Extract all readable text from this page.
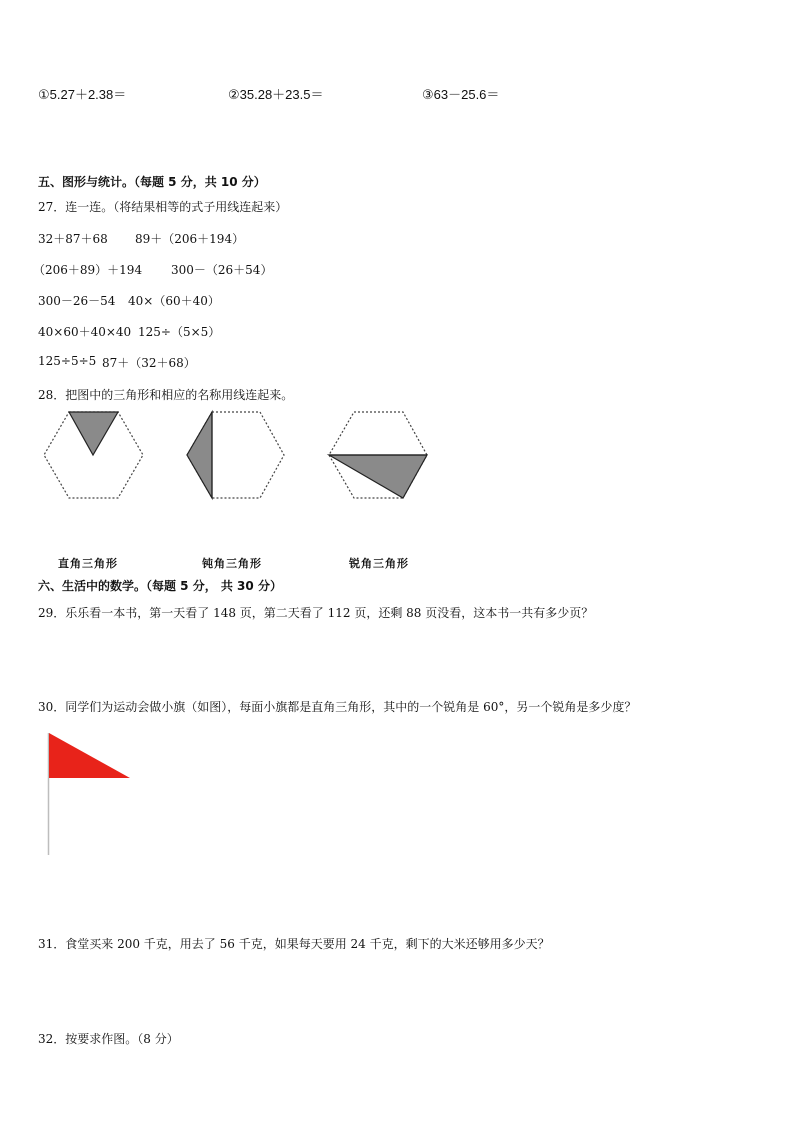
①5.27＋2.38＝	②35.28＋23.5＝	③63－25.6＝
五、图形与统计。（每题 5 分，共 10 分）
27．连一连。（将结果相等的式子用线连起来）
32＋87＋68 89＋（206＋194）
（206＋89）＋194 300－（26＋54）
300－26－54 40×（60＋40）
40×60＋40×40 125÷（5×5）
125÷5÷5 87＋（32＋68）
28．把图中的三角形和相应的名称用线连起来。
直角三角形	钝角三角形	锐角三角形
六、生活中的数学。（每题 5 分， 共 30 分）
29．乐乐看一本书，第一天看了 148 页，第二天看了 112 页，还剩 88 页没看，这本书一共有多少页？
30．同学们为运动会做小旗（如图），每面小旗都是直角三角形，其中的一个锐角是 60°，另一个锐角是多少度？
31．食堂买来 200 千克，用去了 56 千克，如果每天要用 24 千克，剩下的大米还够用多少天？
32．按要求作图。（8 分）
